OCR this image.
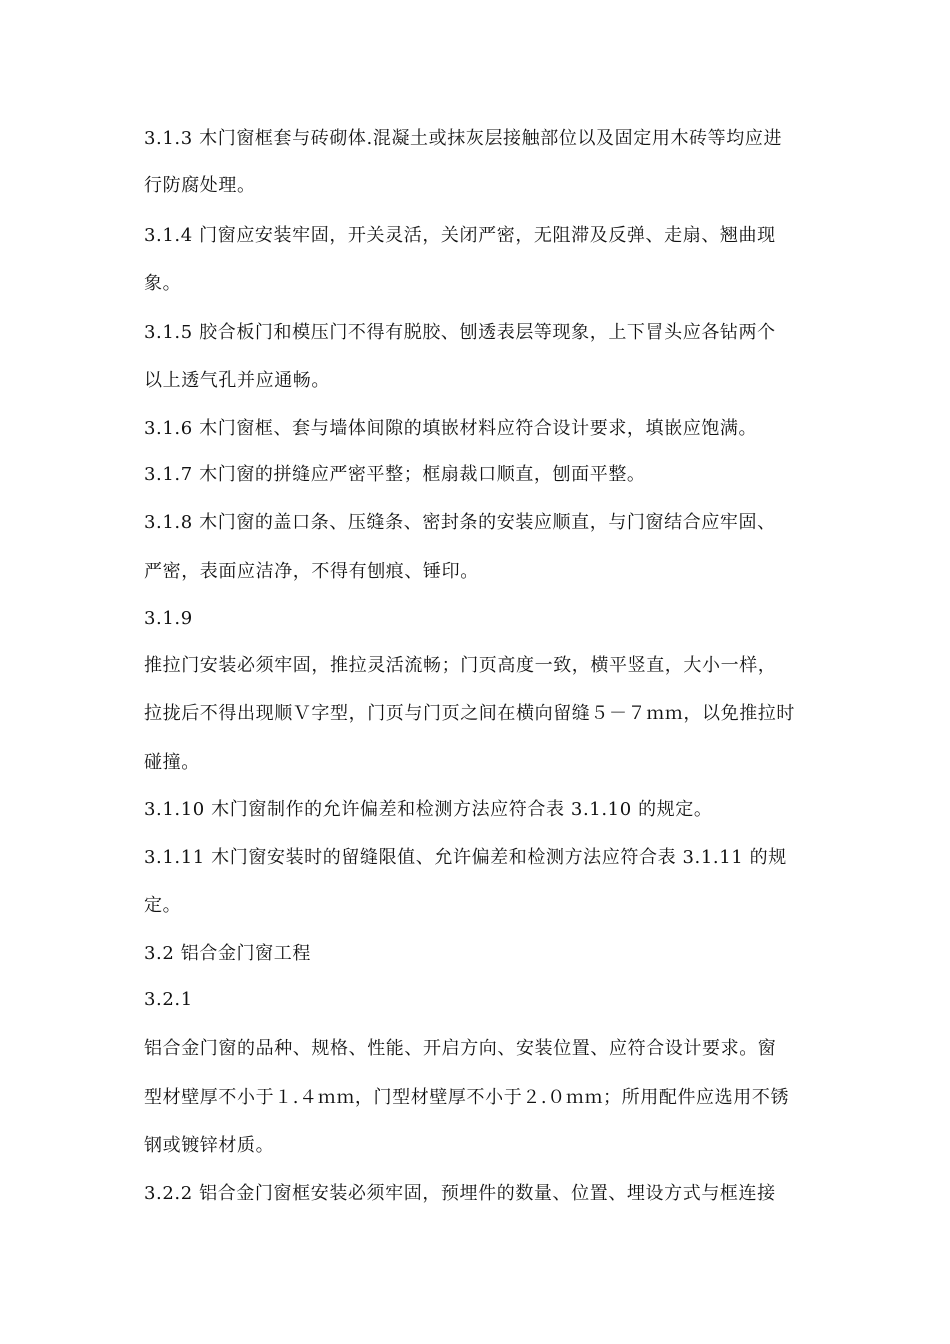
3.1.3 木门窗框套与砖砌体.混凝土或抹灰层接触部位以及固定用木砖等均应进
行防腐处理。
3.1.4 门窗应安装牢固，开关灵活，关闭严密，无阻滞及反弹、走扇、翘曲现
象。
3.1.5 胶合板门和模压门不得有脱胶、刨透表层等现象，上下冒头应各钻两个
以上透气孔并应通畅。
3.1.6 木门窗框、套与墙体间隙的填嵌材料应符合设计要求，填嵌应饱满。
3.1.7 木门窗的拼缝应严密平整；框扇裁口顺直，刨面平整。
3.1.8 木门窗的盖口条、压缝条、密封条的安装应顺直，与门窗结合应牢固、
严密，表面应洁净，不得有刨痕、锤印。
3.1.9
推拉门安装必须牢固，推拉灵活流畅；门页高度一致，横平竖直，大小一样，
拉拢后不得出现顺Ｖ字型，门页与门页之间在横向留缝５－７ｍｍ，以免推拉时
碰撞。
3.1.10 木门窗制作的允许偏差和检测方法应符合表 3.1.10 的规定。
3.1.11 木门窗安装时的留缝限值、允许偏差和检测方法应符合表 3.1.11 的规
定。
3.2 铝合金门窗工程
3.2.1
铝合金门窗的品种、规格、性能、开启方向、安装位置、应符合设计要求。窗
型材壁厚不小于１.４ｍｍ，门型材壁厚不小于２.０ｍｍ；所用配件应选用不锈
钢或镀锌材质。
3.2.2 铝合金门窗框安装必须牢固，预埋件的数量、位置、埋设方式与框连接
